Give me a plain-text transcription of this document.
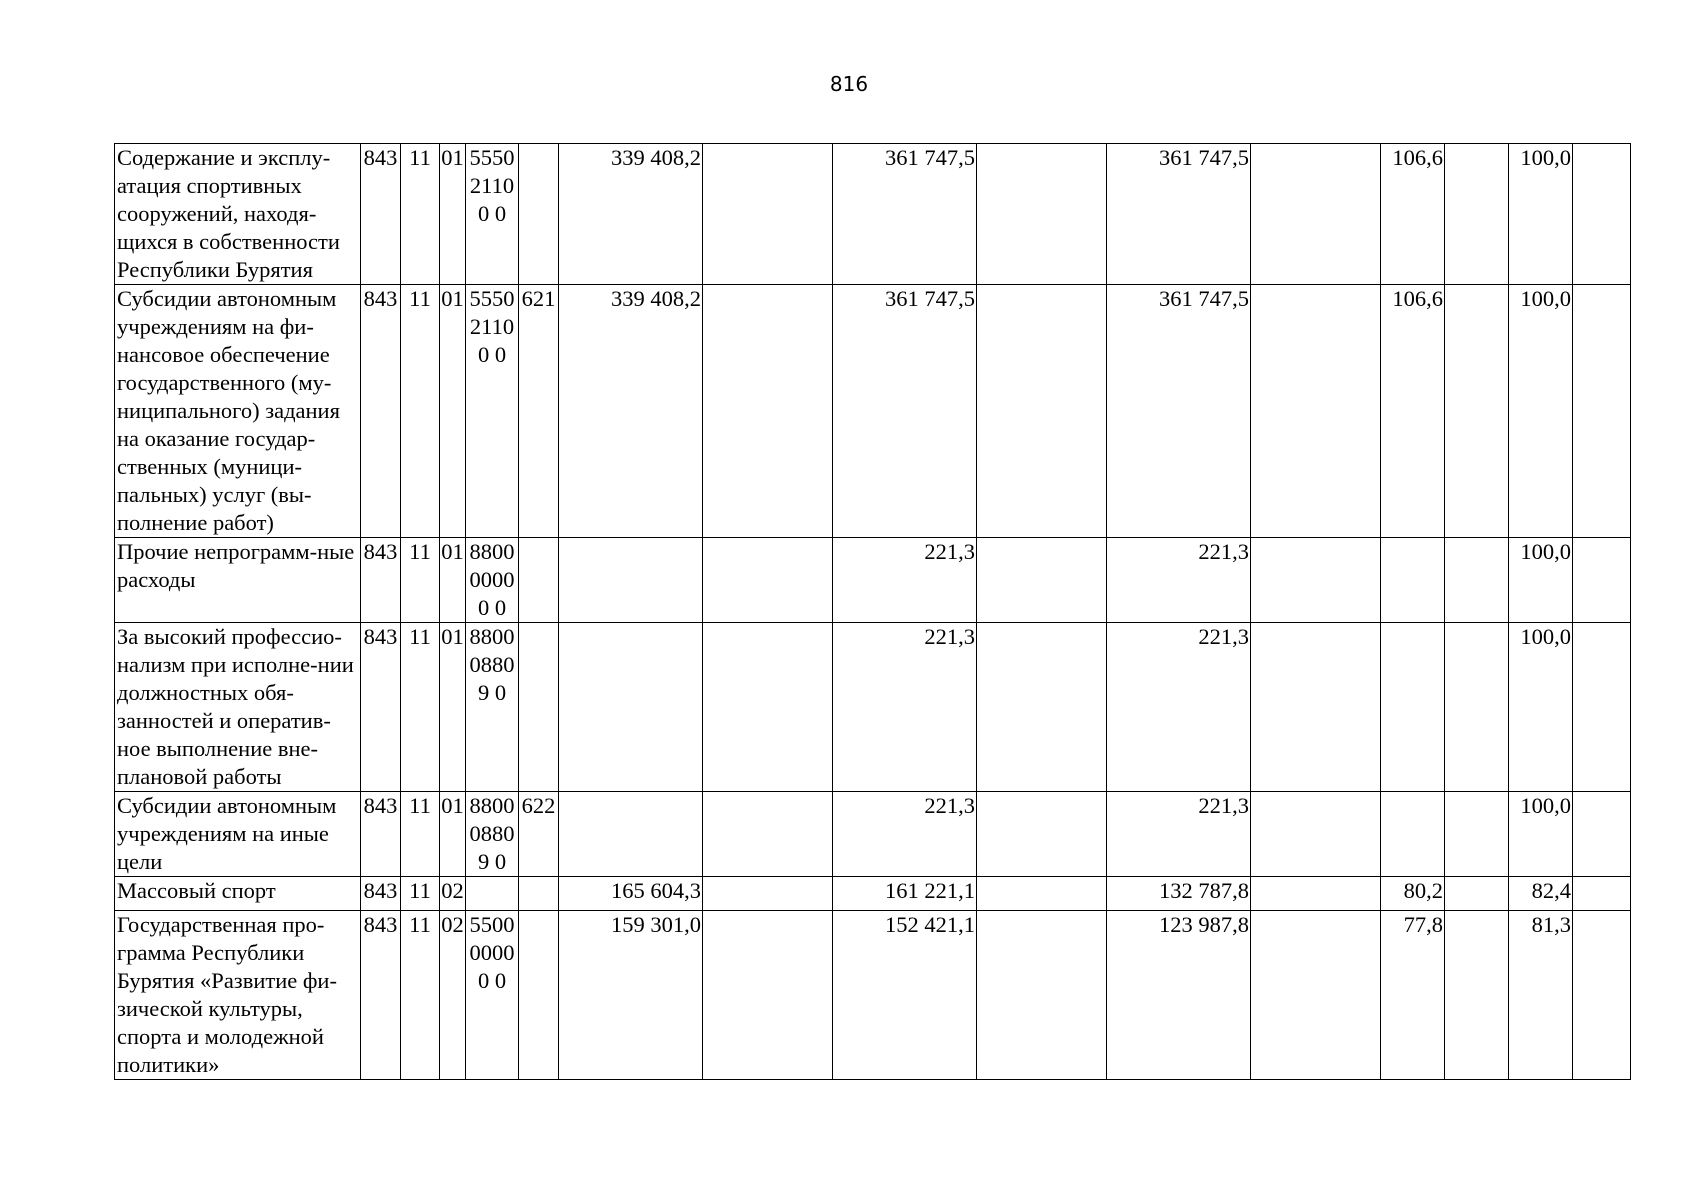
816
Содержание и эксплу-атация спортивных сооружений, находя-щихся в собственности Республики Бурятия	843	11	01	555021100 0		339 408,2		361 747,5		361 747,5		106,6		100,0	
Субсидии автономным учреждениям на фи-нансовое обеспечение государственного (му-ниципального) задания на оказание государ-ственных (муници-пальных) услуг (вы-полнение работ)	843	11	01	555021100 0	621	339 408,2		361 747,5		361 747,5		106,6		100,0	
Прочие непрограмм-ные расходы	843	11	01	880000000 0				221,3		221,3				100,0	
За высокий профессио-нализм при исполне-нии должностных обя-занностей и оператив-ное выполнение вне-плановой работы	843	11	01	880008809 0				221,3		221,3				100,0	
Субсидии автономным учреждениям на иные цели	843	11	01	880008809 0	622			221,3		221,3				100,0	
Массовый спорт	843	11	02			165 604,3		161 221,1		132 787,8		80,2		82,4	
Государственная про-грамма Республики Бурятия «Развитие фи-зической культуры, спорта и молодежной политики»	843	11	02	550000000 0		159 301,0		152 421,1		123 987,8		77,8		81,3	
